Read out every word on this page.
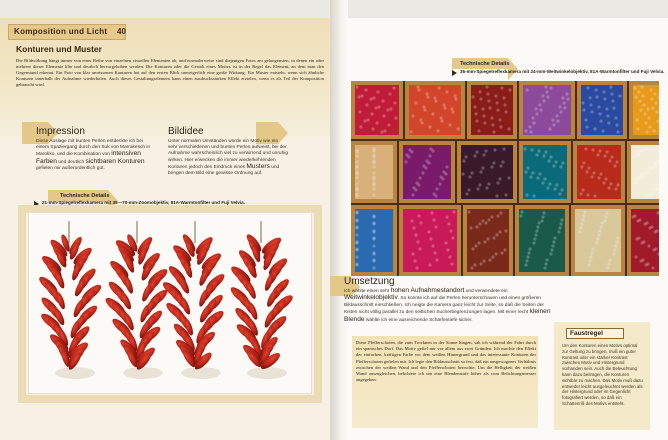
Komposition und Licht 40
Konturen und Muster
Die Bildwirkung hängt immer von einer Reihe von einzelnen visuellen Elementen ab, und normalerweise sind diejenigen Fotos am gelungensten, in denen ein oder mehrere dieser Elemente klar und deutlich hervorgehoben werden. Die Konturen oder die Gestalt eines Motivs ist in der Regel das Element, an dem man den Gegenstand erkennt. Ein Foto von klar umrissenen Konturen hat auf den ersten Blick unweigerlich eine große Wirkung. Ein Muster entsteht, wenn sich ähnliche Konturen innerhalb der Aufnahme wiederholen. Auch dieses Gestaltungselement kann einen ausdrucksstarken Effekt erzielen, wenn es als Teil der Komposition gebraucht wird.
Impression
Diese Auslage mit bunten Perlen entdeckte ich bei einem Spaziergang durch den Suk von Marrakesch in Marokko, und die Kombination von intensiven Farben und deutlich sichtbaren Konturen gefielen mir außerordentlich gut.
Bildidee
Unter normalen Umständen würde ein Motiv wie ein sehr verschiedenen und bunten Perlen aufweist, bei der Aufnahme wahrscheinlich viel zu verwirrend und unruhig wirken. Hier erwecken die immer wiederkehrenden Konturen jedoch den Eindruck eines Musters und bringen dem Bild eine gewisse Ordnung auf.
Technische Details
21-mm-Spiegelreflexkamera mit 35—70-mm-Zoomobjektiv, 81A-Warmtonfilter und Fuji Velvia.
Technische Details
35-mm-Spiegelreflexkamera mit 24-mm-Weitwinkelobjektiv, 81A-Warmtonfilter und Fuji Velvia.
Umsetzung
Ich wählte einen sehr hohen Aufnahmestandort und verwendete ein Weitwinkelobjektiv. So konnte ich auf die Perlen herunterschauen und einen größeren Bildausschnitt einschließen. Ich neigte die Kamera ganz leicht zur Seite, so daß die Seiten der Kisten nicht völlig parallel zu den seitlichen Sucherbegrenzungen lagen. Mit einer recht kleinen Blende wählte ich eine ausreichende Schärfentiefe sicher.
Diese Pfefferschoten, die zum Trocknen in der Sonne hingen, sah ich während der Fahrt durch ein spanisches Dorf. Das Motiv gefiel mir vor allem aus zwei Gründen: Ich mochte den Effekt der einfachen, kräftigen Farbe vor dem weißen Hintergrund und das interessante Konturen der Pfefferschoten gefielen mir. Ich legte den Bildausschnitt so fest, daß ein ausgewogenes Verhältnis zwischen der weißen Wand und den Pfefferschoten herrschte. Um die Helligkeit der weißen Wand auszugleichen, belichtete ich um eine Blendenstufe höher als vom Belichtungsmesser angegeben.
Faustregel
Um den Konturen eines Motivs optimal zur Geltung zu bringen, muß ein guter Kontrast oder ein starker Kontrast zwischen Motiv und Hintergrund vorhanden sein. Auch die Beleuchtung kann dazu beitragen, die Konturen sichtbar zu machen. Das Motiv muß dazu entweder leicht ausgeleuchtet werden als der Hintergrund oder im Gegenlicht fotografiert werden, so daß ein Schattenriß des Motivs entsteht.
